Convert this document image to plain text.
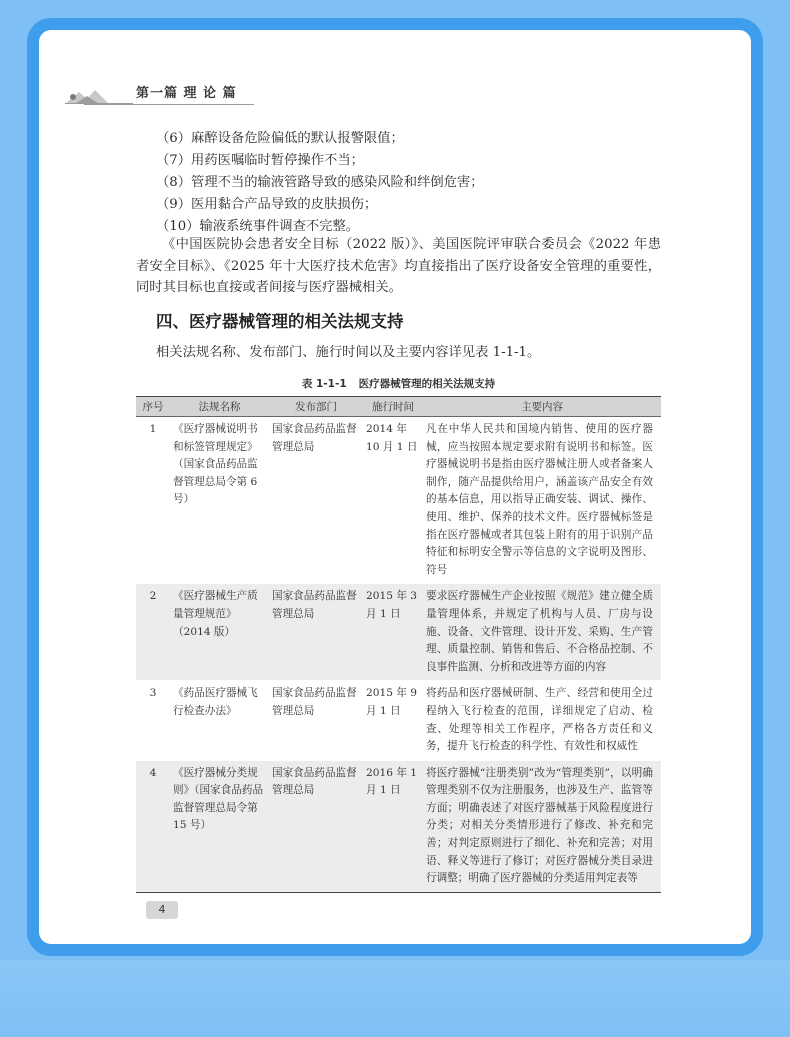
第一篇 理 论 篇

（6）麻醉设备危险偏低的默认报警限值；

（7）用药医嘱临时暂停操作不当；

（8）管理不当的输液管路导致的感染风险和绊倒危害；

（9）医用黏合产品导致的皮肤损伤；

（10）输液系统事件调查不完整。

《中国医院协会患者安全目标（2022 版）》、美国医院评审联合委员会《2022 年患者安全目标》、《2025 年十大医疗技术危害》均直接指出了医疗设备安全管理的重要性，同时其目标也直接或者间接与医疗器械相关。
四、医疗器械管理的相关法规支持
相关法规名称、发布部门、施行时间以及主要内容详见表 1-1-1。
表 1-1-1 医疗器械管理的相关法规支持
序号	法规名称	发布部门	施行时间	主要内容
1	《医疗器械说明书和标签管理规定》（国家食品药品监督管理总局令第 6 号）	国家食品药品监督管理总局	2014 年 10 月 1 日	凡在中华人民共和国境内销售、使用的医疗器械，应当按照本规定要求附有说明书和标签。医疗器械说明书是指由医疗器械注册人或者备案人制作，随产品提供给用户，涵盖该产品安全有效的基本信息，用以指导正确安装、调试、操作、使用、维护、保养的技术文件。医疗器械标签是指在医疗器械或者其包装上附有的用于识别产品特征和标明安全警示等信息的文字说明及图形、符号
2	《医疗器械生产质量管理规范》（2014 版）	国家食品药品监督管理总局	2015 年 3 月 1 日	要求医疗器械生产企业按照《规范》建立健全质量管理体系，并规定了机构与人员、厂房与设施、设备、文件管理、设计开发、采购、生产管理、质量控制、销售和售后、不合格品控制、不良事件监测、分析和改进等方面的内容
3	《药品医疗器械飞行检查办法》	国家食品药品监督管理总局	2015 年 9 月 1 日	将药品和医疗器械研制、生产、经营和使用全过程纳入飞行检查的范围，详细规定了启动、检查、处理等相关工作程序，严格各方责任和义务，提升飞行检查的科学性、有效性和权威性
4	《医疗器械分类规则》（国家食品药品监督管理总局令第 15 号）	国家食品药品监督管理总局	2016 年 1 月 1 日	将医疗器械“注册类别”改为“管理类别”，以明确管理类别不仅为注册服务，也涉及生产、监管等方面；明确表述了对医疗器械基于风险程度进行分类；对相关分类情形进行了修改、补充和完善；对判定原则进行了细化、补充和完善；对用语、释义等进行了修订；对医疗器械分类目录进行调整；明确了医疗器械的分类适用判定表等
4
